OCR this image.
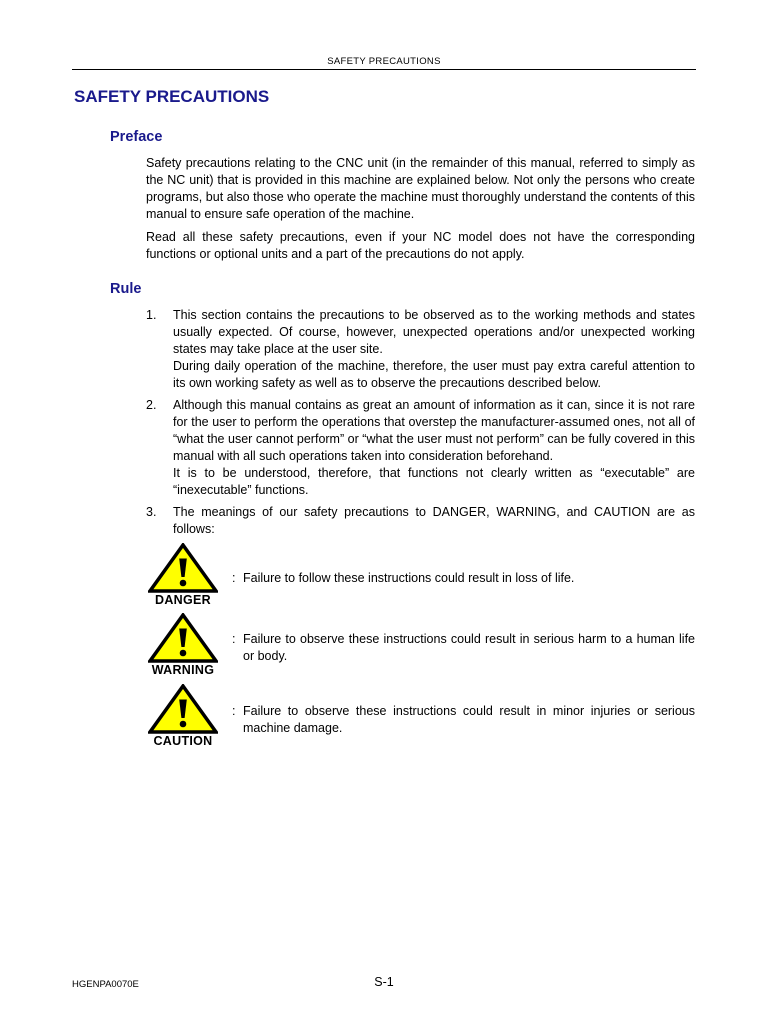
SAFETY PRECAUTIONS
SAFETY PRECAUTIONS
Preface

Safety precautions relating to the CNC unit (in the remainder of this manual, referred to simply as the NC unit) that is provided in this machine are explained below. Not only the persons who create programs, but also those who operate the machine must thoroughly understand the contents of this manual to ensure safe operation of the machine.

Read all these safety precautions, even if your NC model does not have the corresponding functions or optional units and a part of the precautions do not apply.

Rule
1. This section contains the precautions to be observed as to the working methods and states usually expected. Of course, however, unexpected operations and/or unexpected working states may take place at the user site.

During daily operation of the machine, therefore, the user must pay extra careful attention to its own working safety as well as to observe the precautions described below.

2. Although this manual contains as great an amount of information as it can, since it is not rare for the user to perform the operations that overstep the manufacturer-assumed ones, not all of “what the user cannot perform” or “what the user must not perform” can be fully covered in this manual with all such operations taken into consideration beforehand.

It is to be understood, therefore, that functions not clearly written as “executable” are “inexecutable” functions.

3. The meanings of our safety precautions to DANGER, WARNING, and CAUTION are as follows:

DANGER

: Failure to follow these instructions could result in loss of life.

WARNING

: Failure to observe these instructions could result in serious harm to a human life or body.

CAUTION

: Failure to observe these instructions could result in minor injuries or serious machine damage.

HGENPA0070E	S-1
